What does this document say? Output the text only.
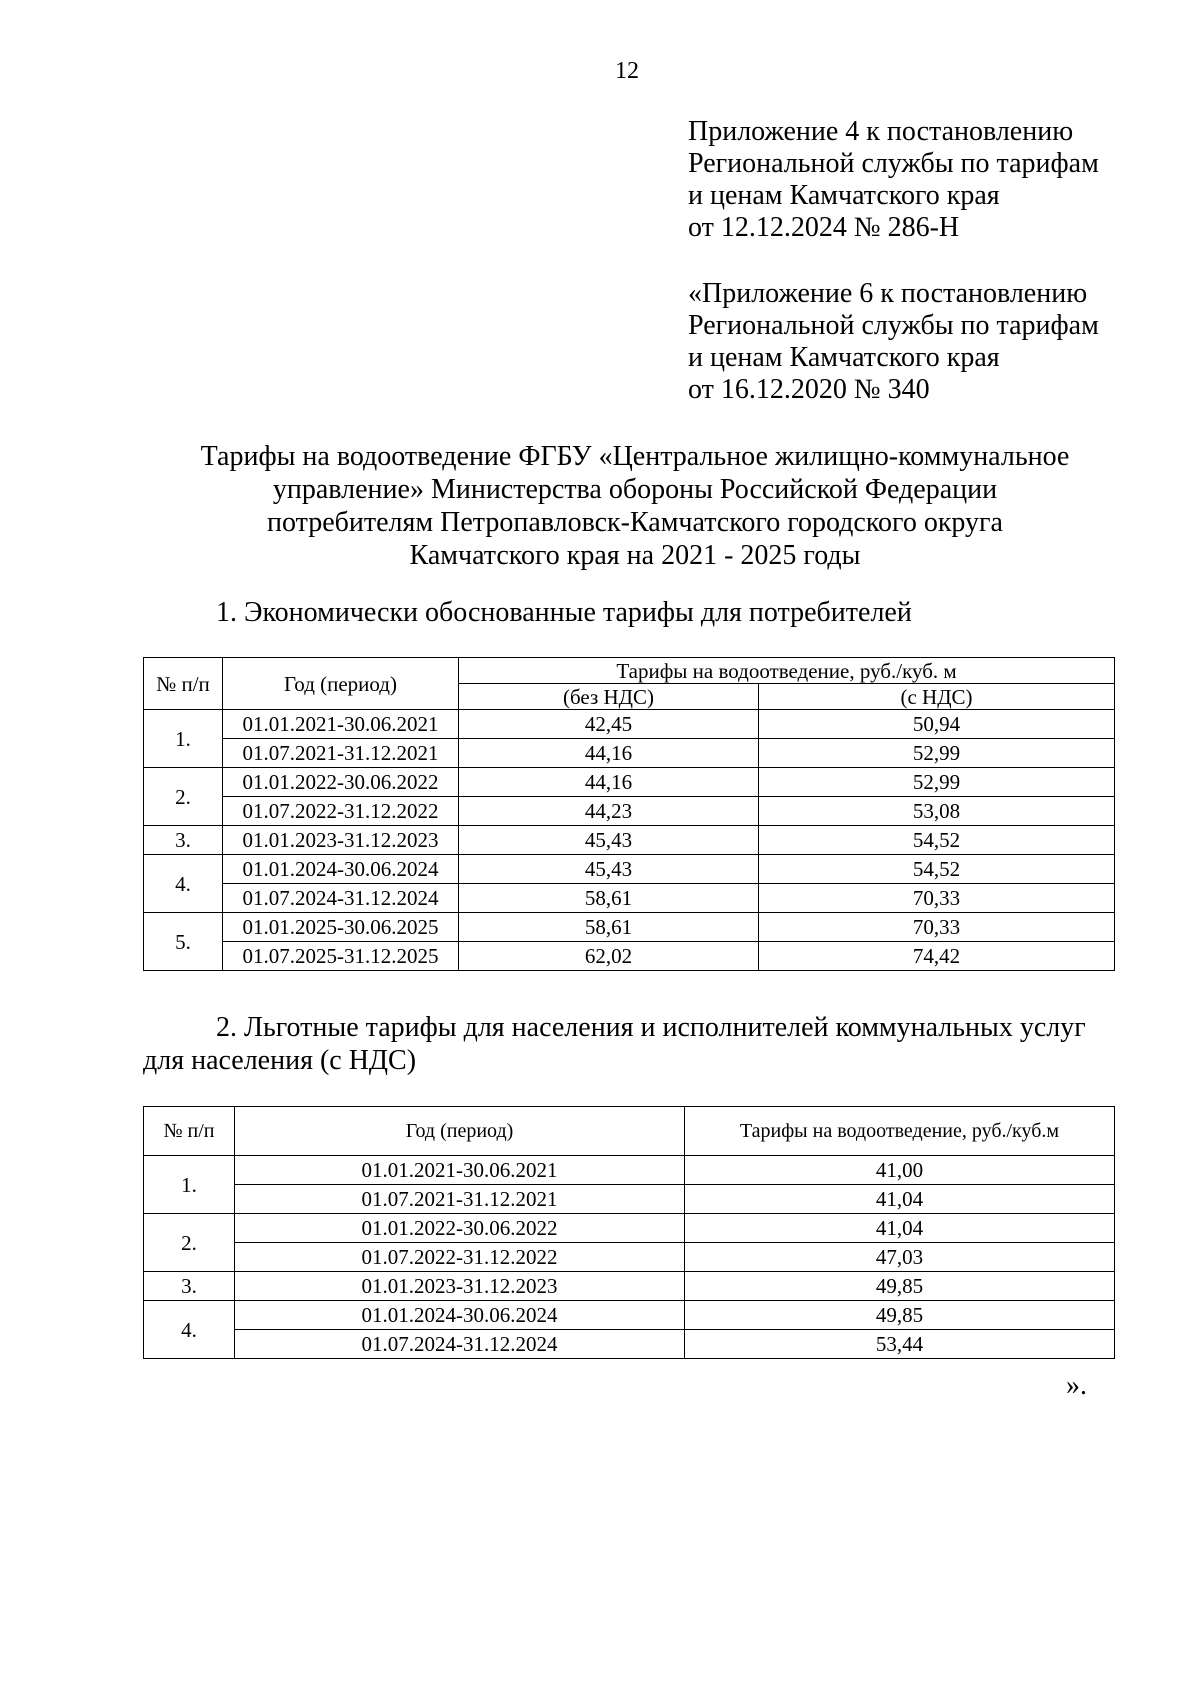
12
Приложение 4 к постановлению
Региональной службы по тарифам
и ценам Камчатского края
от 12.12.2024 № 286-Н
«Приложение 6 к постановлению
Региональной службы по тарифам
и ценам Камчатского края
от 16.12.2020 № 340
Тарифы на водоотведение ФГБУ «Центральное жилищно-коммунальное
управление» Министерства обороны Российской Федерации
потребителям Петропавловск-Камчатского городского округа
Камчатского края на 2021 - 2025 годы
1. Экономически обоснованные тарифы для потребителей
№ п/п	Год (период)	Тарифы на водоотведение, руб./куб. м	
		(без НДС)	(с НДС)
1.	01.01.2021-30.06.2021	42,45	50,94
	01.07.2021-31.12.2021	44,16	52,99
2.	01.01.2022-30.06.2022	44,16	52,99
	01.07.2022-31.12.2022	44,23	53,08
3.	01.01.2023-31.12.2023	45,43	54,52
4.	01.01.2024-30.06.2024	45,43	54,52
	01.07.2024-31.12.2024	58,61	70,33
5.	01.01.2025-30.06.2025	58,61	70,33
	01.07.2025-31.12.2025	62,02	74,42
2. Льготные тарифы для населения и исполнителей коммунальных услуг
для населения (с НДС)
№ п/п	Год (период)	Тарифы на водоотведение, руб./куб.м
1.	01.01.2021-30.06.2021	41,00
	01.07.2021-31.12.2021	41,04
2.	01.01.2022-30.06.2022	41,04
	01.07.2022-31.12.2022	47,03
3.	01.01.2023-31.12.2023	49,85
4.	01.01.2024-30.06.2024	49,85
	01.07.2024-31.12.2024	53,44
».
